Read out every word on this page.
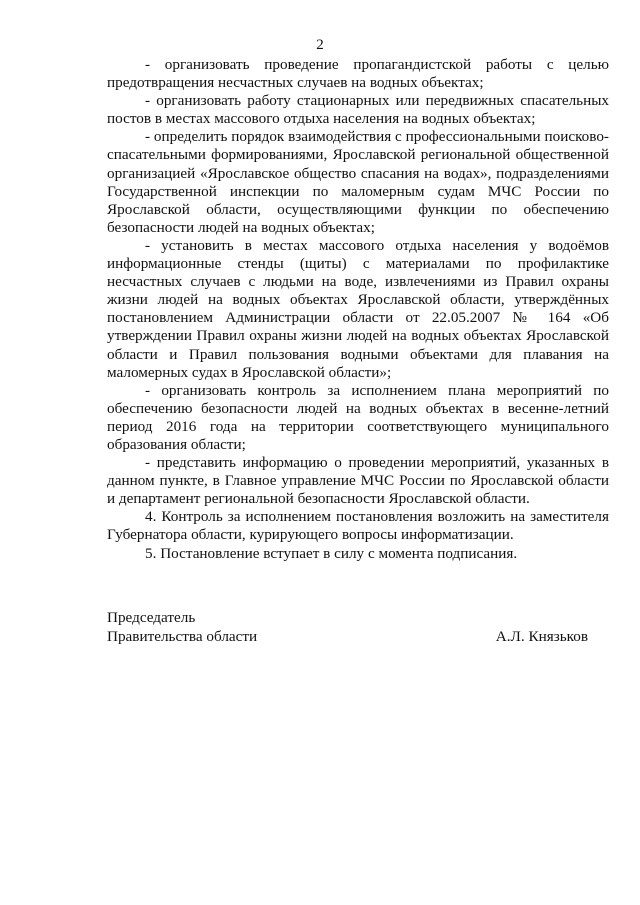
2

- организовать проведение пропагандистской работы с целью предотвращения несчастных случаев на водных объектах;

- организовать работу стационарных или передвижных спасательных постов в местах массового отдыха населения на водных объектах;

- определить порядок взаимодействия с профессиональными поисково-спасательными формированиями, Ярославской региональной общественной организацией «Ярославское общество спасания на водах», подразделениями Государственной инспекции по маломерным судам МЧС России по Ярославской области, осуществляющими функции по обеспечению безопасности людей на водных объектах;

- установить в местах массового отдыха населения у водоёмов информационные стенды (щиты) с материалами по профилактике несчастных случаев с людьми на воде, извлечениями из Правил охраны жизни людей на водных объектах Ярославской области, утверждённых постановлением Администрации области от 22.05.2007 № 164 «Об утверждении Правил охраны жизни людей на водных объектах Ярославской области и Правил пользования водными объектами для плавания на маломерных судах в Ярославской области»;

- организовать контроль за исполнением плана мероприятий по обеспечению безопасности людей на водных объектах в весенне-летний период 2016 года на территории соответствующего муниципального образования области;

- представить информацию о проведении мероприятий, указанных в данном пункте, в Главное управление МЧС России по Ярославской области и департамент региональной безопасности Ярославской области.

4. Контроль за исполнением постановления возложить на заместителя Губернатора области, курирующего вопросы информатизации.

5. Постановление вступает в силу с момента подписания.

Председатель
Правительства области	А.Л. Князьков
